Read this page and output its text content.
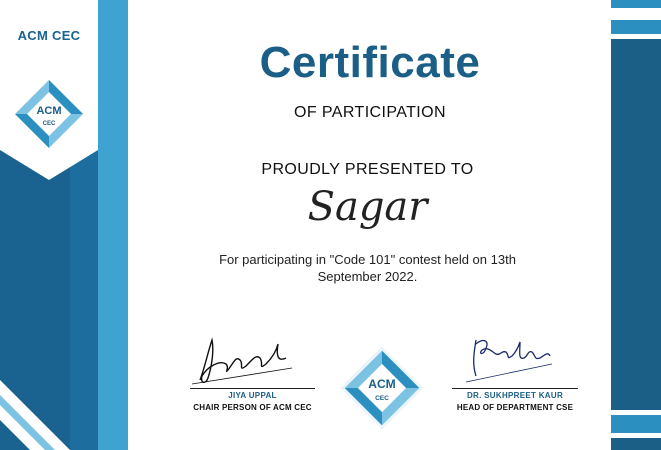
ACM CEC
ACM
CEC
Certificate
OF PARTICIPATION
PROUDLY PRESENTED TO
Sagar
For participating in "Code 101" contest held on 13th September 2022.
JIYA UPPAL
CHAIR PERSON OF ACM CEC
ACM
CEC	DR. SUKHPREET KAUR
HEAD OF DEPARTMENT CSE
